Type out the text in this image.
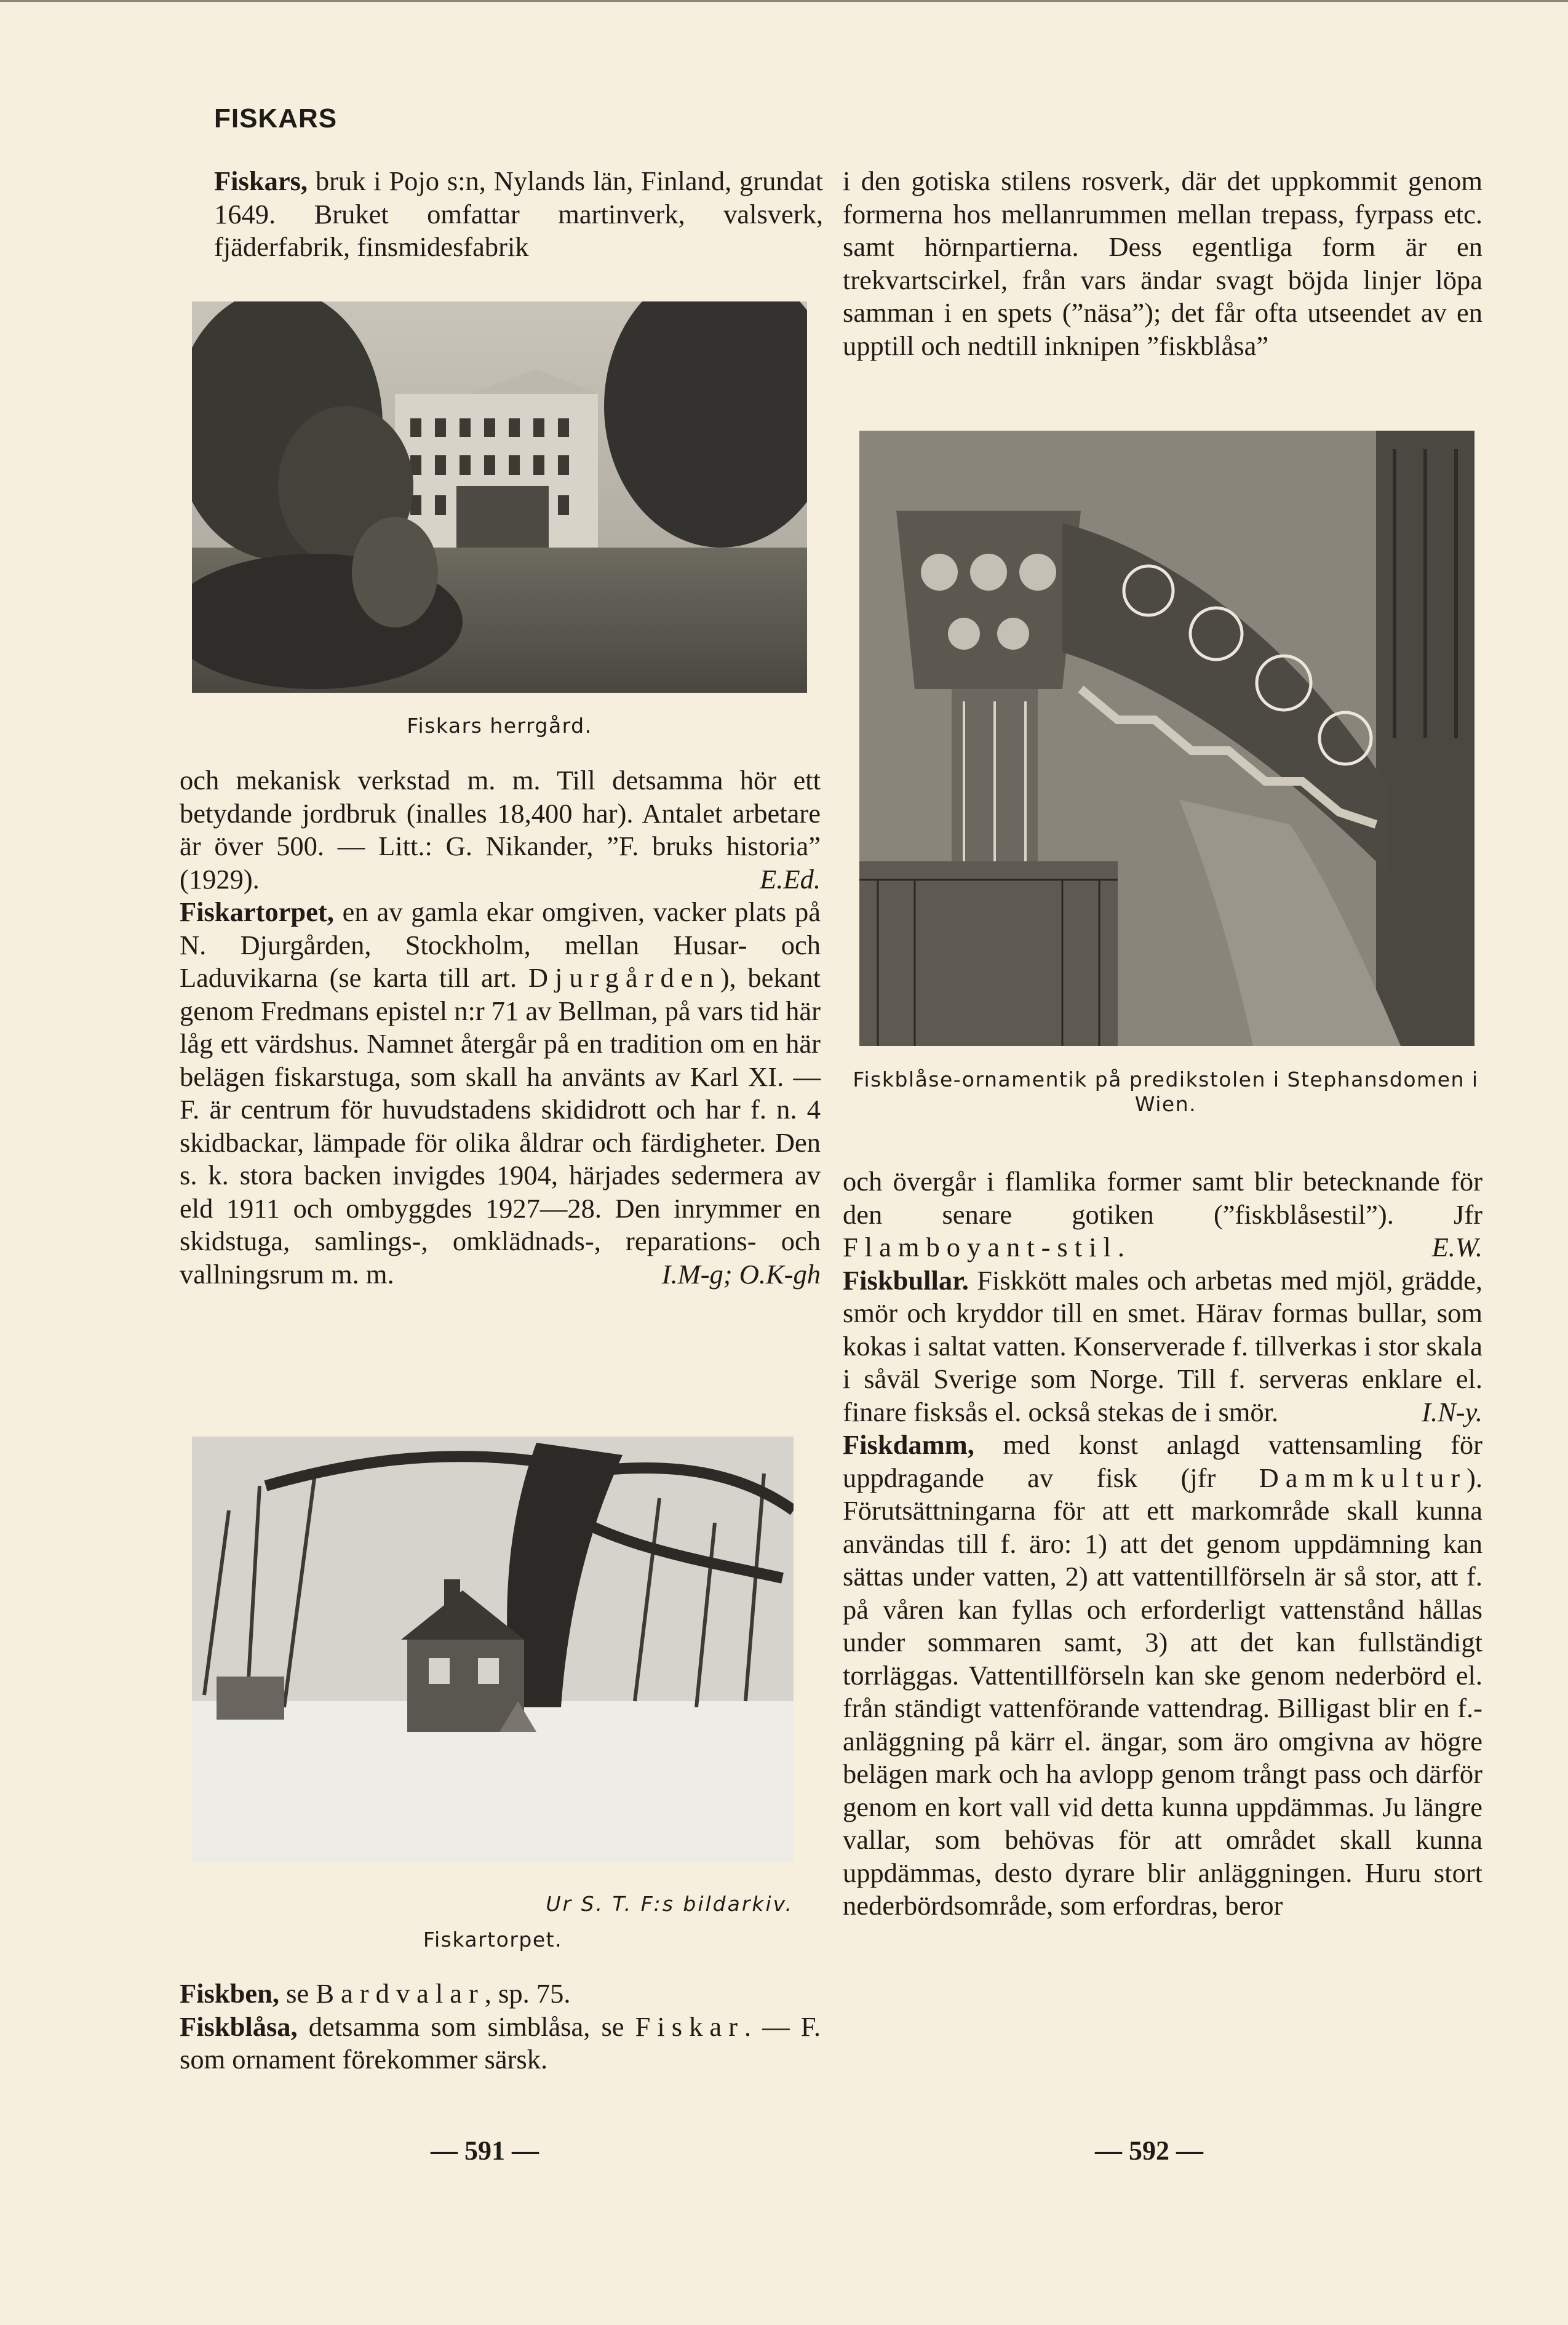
FISKARS

Fiskars, bruk i Pojo s:n, Nylands län, Finland, grundat 1649. Bruket omfattar martinverk, valsverk, fjäderfabrik, finsmidesfabrik

Fiskars herrgård.

och mekanisk verkstad m. m. Till detsamma hör ett betydande jordbruk (inalles 18,400 har). Antalet arbetare är över 500. — Litt.: G. Nikander, ”F. bruks historia” (1929).	E.Ed.

Fiskartorpet, en av gamla ekar omgiven, vacker plats på N. Djurgården, Stockholm, mellan Husar- och Laduvikarna (se karta till art. Djurgården), bekant genom Fredmans epistel n:r 71 av Bellman, på vars tid här låg ett värdshus. Namnet återgår på en tradition om en här belägen fiskarstuga, som skall ha använts av Karl XI. — F. är centrum för huvudstadens skididrott och har f. n. 4 skidbackar, lämpade för olika åldrar och färdigheter. Den s. k. stora backen invigdes 1904, härjades sedermera av eld 1911 och ombyggdes 1927—28. Den inrymmer en skidstuga, samlings-, omklädnads-, reparations- och vallningsrum m. m.	I.M-g; O.K-gh

Ur S. T. F:s bildarkiv.
Fiskartorpet.

Fiskben, se Bardvalar, sp. 75.

Fiskblåsa, detsamma som simblåsa, se Fiskar. — F. som ornament förekommer särsk.

i den gotiska stilens rosverk, där det uppkommit genom formerna hos mellanrummen mellan trepass, fyrpass etc. samt hörnpartierna. Dess egentliga form är en trekvartscirkel, från vars ändar svagt böjda linjer löpa samman i en spets (”näsa”); det får ofta utseendet av en upptill och nedtill inknipen ”fiskblåsa”

Fiskblåse-ornamentik på predikstolen i Stephansdomen i Wien.

och övergår i flamlika former samt blir betecknande för den senare gotiken (”fiskblåsestil”). Jfr Flamboyant-stil.	E.W.

Fiskbullar. Fiskkött males och arbetas med mjöl, grädde, smör och kryddor till en smet. Härav formas bullar, som kokas i saltat vatten. Konserverade f. tillverkas i stor skala i såväl Sverige som Norge. Till f. serveras enklare el. finare fisksås el. också stekas de i smör.	I.N-y.

Fiskdamm, med konst anlagd vattensamling för uppdragande av fisk (jfr Dammkultur). Förutsättningarna för att ett markområde skall kunna användas till f. äro: 1) att det genom uppdämning kan sättas under vatten, 2) att vattentillförseln är så stor, att f. på våren kan fyllas och erforderligt vattenstånd hållas under sommaren samt, 3) att det kan fullständigt torrläggas. Vattentillförseln kan ske genom nederbörd el. från ständigt vattenförande vattendrag. Billigast blir en f.-anläggning på kärr el. ängar, som äro omgivna av högre belägen mark och ha avlopp genom trångt pass och därför genom en kort vall vid detta kunna uppdämmas. Ju längre vallar, som behövas för att området skall kunna uppdämmas, desto dyrare blir anläggningen. Huru stort nederbördsområde, som erfordras, beror

— 591 —	— 592 —
